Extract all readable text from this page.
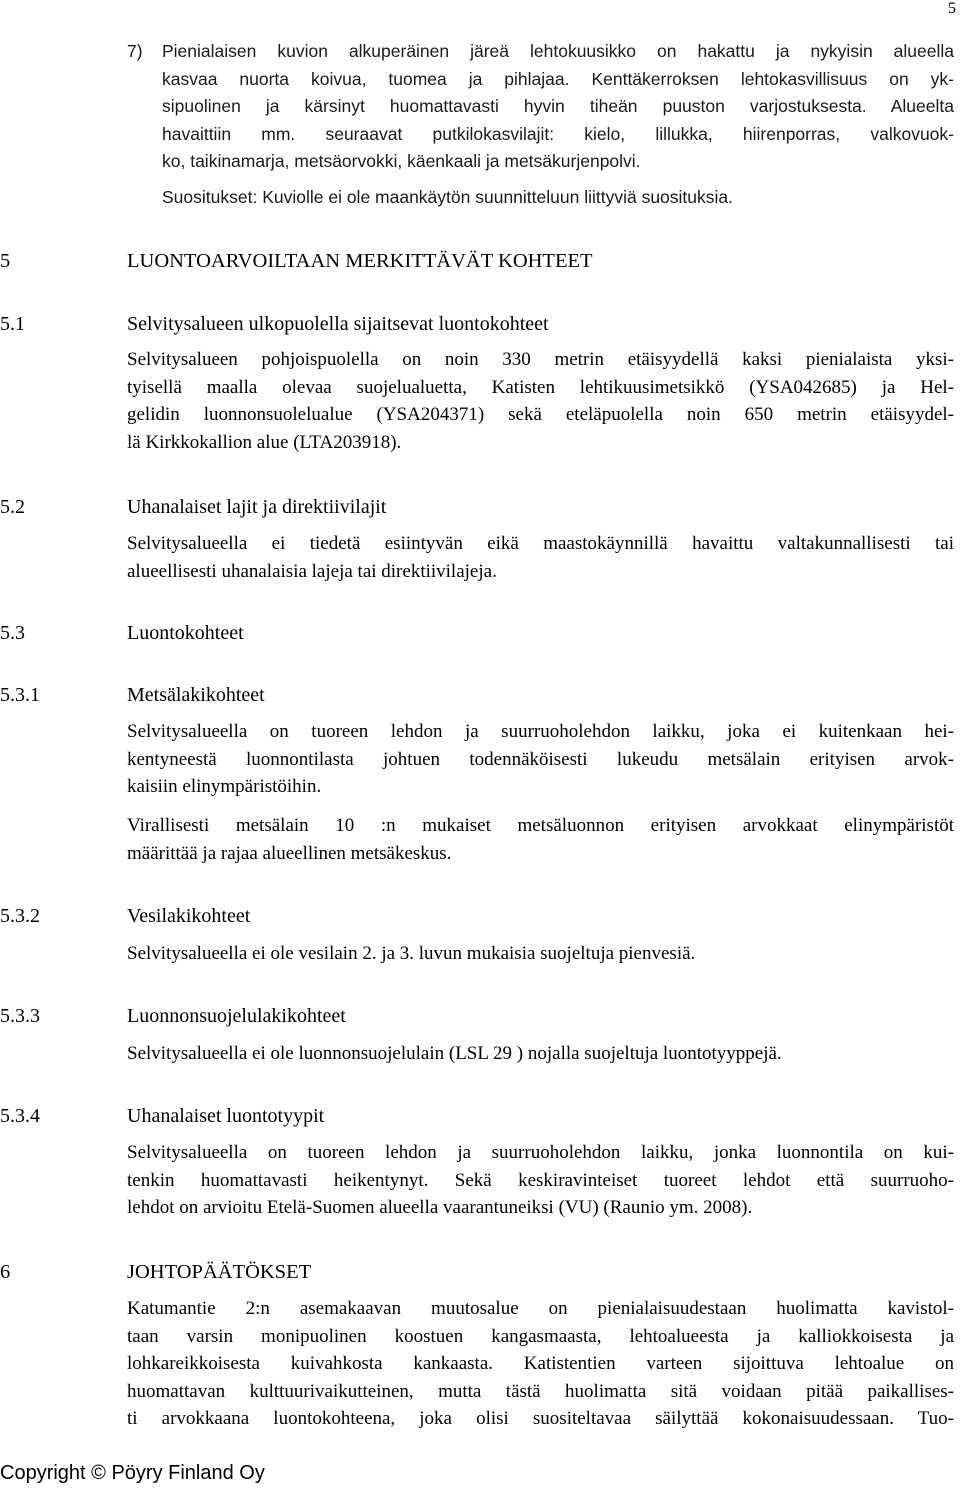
5
7) Pienialaisen kuvion alkuperäinen järeä lehtokuusikko on hakattu ja nykyisin alueella
kasvaa nuorta koivua, tuomea ja pihlajaa. Kenttäkerroksen lehtokasvillisuus on yk-
sipuolinen ja kärsinyt huomattavasti hyvin tiheän puuston varjostuksesta. Alueelta
havaittiin mm. seuraavat putkilokasvilajit: kielo, lillukka, hiirenporras, valkovuok-
ko, taikinamarja, metsäorvokki, käenkaali ja metsäkurjenpolvi.
Suositukset: Kuviolle ei ole maankäytön suunnitteluun liittyviä suosituksia.
5	LUONTOARVOILTAAN MERKITTÄVÄT KOHTEET
5.1	Selvitysalueen ulkopuolella sijaitsevat luontokohteet
Selvitysalueen pohjoispuolella on noin 330 metrin etäisyydellä kaksi pienialaista yksi-
tyisellä maalla olevaa suojelualuetta, Katisten lehtikuusimetsikkö (YSA042685) ja Hel-
gelidin luonnonsuolelualue (YSA204371) sekä eteläpuolella noin 650 metrin etäisyydel-
lä Kirkkokallion alue (LTA203918).
5.2	Uhanalaiset lajit ja direktiivilajit
Selvitysalueella ei tiedetä esiintyvän eikä maastokäynnillä havaittu valtakunnallisesti tai
alueellisesti uhanalaisia lajeja tai direktiivilajeja.
5.3	Luontokohteet
5.3.1	Metsälakikohteet
Selvitysalueella on tuoreen lehdon ja suurruoholehdon laikku, joka ei kuitenkaan hei-
kentyneestä luonnontilasta johtuen todennäköisesti lukeudu metsälain erityisen arvok-
kaisiin elinympäristöihin.
Virallisesti metsälain 10 :n mukaiset metsäluonnon erityisen arvokkaat elinympäristöt
määrittää ja rajaa alueellinen metsäkeskus.
5.3.2	Vesilakikohteet
Selvitysalueella ei ole vesilain 2. ja 3. luvun mukaisia suojeltuja pienvesiä.
5.3.3	Luonnonsuojelulakikohteet
Selvitysalueella ei ole luonnonsuojelulain (LSL 29 ) nojalla suojeltuja luontotyyppejä.
5.3.4	Uhanalaiset luontotyypit
Selvitysalueella on tuoreen lehdon ja suurruoholehdon laikku, jonka luonnontila on kui-
tenkin huomattavasti heikentynyt. Sekä keskiravinteiset tuoreet lehdot että suurruoho-
lehdot on arvioitu Etelä-Suomen alueella vaarantuneiksi (VU) (Raunio ym. 2008).
6	JOHTOPÄÄTÖKSET
Katumantie 2:n asemakaavan muutosalue on pienialaisuudestaan huolimatta kavistol-
taan varsin monipuolinen koostuen kangasmaasta, lehtoalueesta ja kalliokkoisesta ja
lohkareikkoisesta kuivahkosta kankaasta. Katistentien varteen sijoittuva lehtoalue on
huomattavan kulttuurivaikutteinen, mutta tästä huolimatta sitä voidaan pitää paikallises-
ti arvokkaana luontokohteena, joka olisi suositeltavaa säilyttää kokonaisuudessaan. Tuo-
Copyright © Pöyry Finland Oy
